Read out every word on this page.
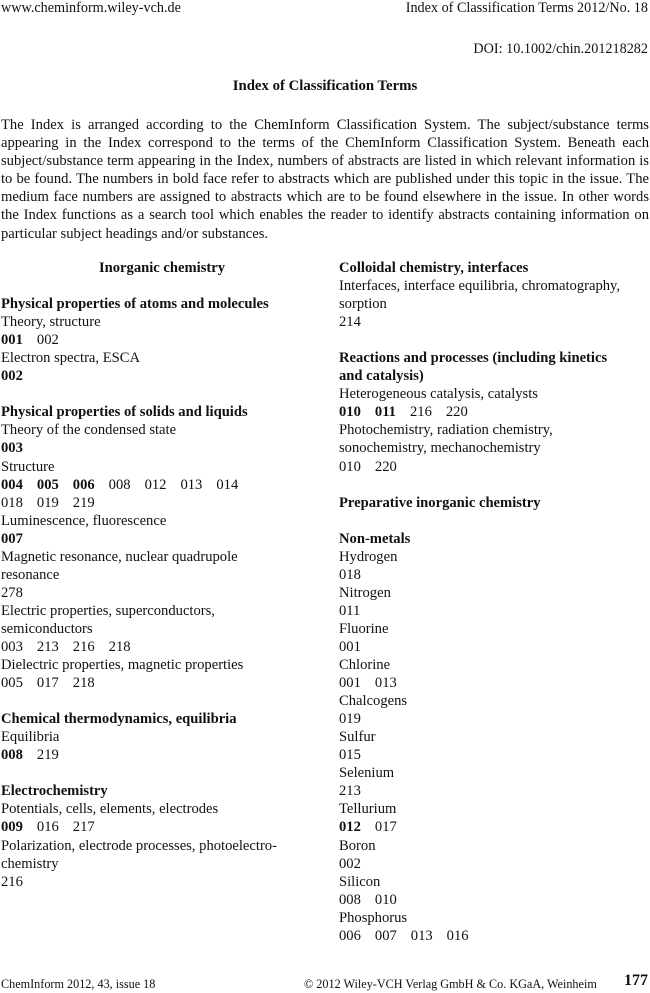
www.cheminform.wiley-vch.de	Index of Classification Terms 2012/No. 18
DOI: 10.1002/chin.201218282
Index of Classification Terms
The Index is arranged according to the ChemInform Classification System. The subject/substance terms appearing in the Index correspond to the terms of the ChemInform Classification System. Beneath each subject/substance term appearing in the Index, numbers of abstracts are listed in which relevant information is to be found. The numbers in bold face refer to abstracts which are published under this topic in the issue. The medium face numbers are assigned to abstracts which are to be found elsewhere in the issue. In other words the Index functions as a search tool which enables the reader to identify abstracts containing information on particular subject headings and/or substances.
Inorganic chemistry
Physical properties of atoms and molecules
Theory, structure
001 002
Electron spectra, ESCA
002
Physical properties of solids and liquids
Theory of the condensed state
003
Structure
004 005 006 008 012 013 014
018 019 219
Luminescence, fluorescence
007
Magnetic resonance, nuclear quadrupole
resonance
278
Electric properties, superconductors,
semiconductors
003 213 216 218
Dielectric properties, magnetic properties
005 017 218
Chemical thermodynamics, equilibria
Equilibria
008 219
Electrochemistry
Potentials, cells, elements, electrodes
009 016 217
Polarization, electrode processes, photoelectro-
chemistry
216
Colloidal chemistry, interfaces
Interfaces, interface equilibria, chromatography,
sorption
214
Reactions and processes (including kinetics
and catalysis)
Heterogeneous catalysis, catalysts
010 011 216 220
Photochemistry, radiation chemistry,
sonochemistry, mechanochemistry
010 220
Preparative inorganic chemistry
Non-metals
Hydrogen
018
Nitrogen
011
Fluorine
001
Chlorine
001 013
Chalcogens
019
Sulfur
015
Selenium
213
Tellurium
012 017
Boron
002
Silicon
008 010
Phosphorus
006 007 013 016
ChemInform 2012, 43, issue 18	© 2012 Wiley-VCH Verlag GmbH & Co. KGaA, Weinheim 177
